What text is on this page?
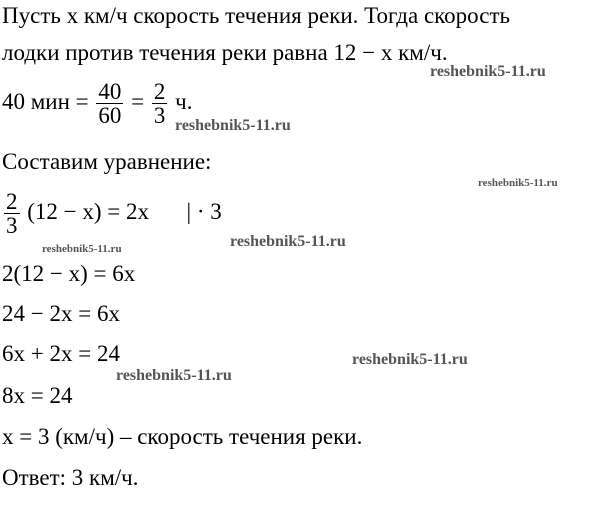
Пусть x км/ч скорость течения реки. Тогда скорость
лодки против течения реки равна 12 − x км/ч.
40 мин = $\frac{40}{60} = \frac{2}{3} ч$.
Составим уравнение:
$\frac{2}{3} (12 - x) = 2x$ | · 3
2(12 − x) = 6x
24 − 2x = 6x
6x + 2x = 24
8x = 24
x = 3 (км/ч) – скорость течения реки.
Ответ: 3 км/ч.
reshebnik5-11.ru
reshebnik5-11.ru
reshebnik5-11.ru
reshebnik5-11.ru	reshebnik5-11.ru
reshebnik5-11.ru
reshebnik5-11.ru
